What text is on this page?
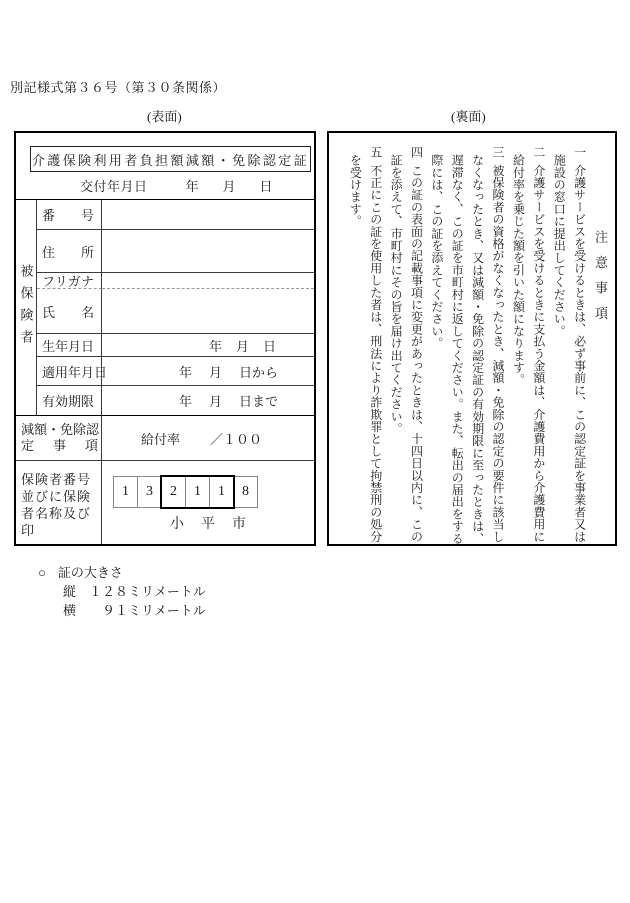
別記様式第３６号（第３０条関係）
(表面)	(裏面)
介護保険利用者負担額減額・免除認定証
交付年月日	年 月 日
被保険者
番　号
住　所
フリガナ
氏　名
生年月日	年 月 日
適用年月日	年 月 日から
有効期限	年 月 日まで
減額・免除認
定　事　項	給付率 ／１００
保険者番号
並びに保険
者名称及び
印
1	3	2	1	1	8
小平市
注意事項
一介護サービスを受けるときは、必ず事前に、この認定証を事業者又は
施設の窓口に提出してください。
二介護サービスを受けるときに支払う金額は、介護費用から介護費用に
給付率を乗じた額を引いた額になります。
三被保険者の資格がなくなったとき、減額・免除の認定の要件に該当し
なくなったとき、又は減額・免除の認定証の有効期限に至ったときは、
遅滞なく、この証を市町村に返してください。また、転出の届出をする
際には、この証を添えてください。
四この証の表面の記載事項に変更があったときは、十四日以内に、この
証を添えて、市町村にその旨を届け出てください。
五不正にこの証を使用した者は、刑法により詐欺罪として拘禁刑の処分
を受けます。
○ 証の大きさ
縦　１２８ミリメートル
横　　９１ミリメートル
